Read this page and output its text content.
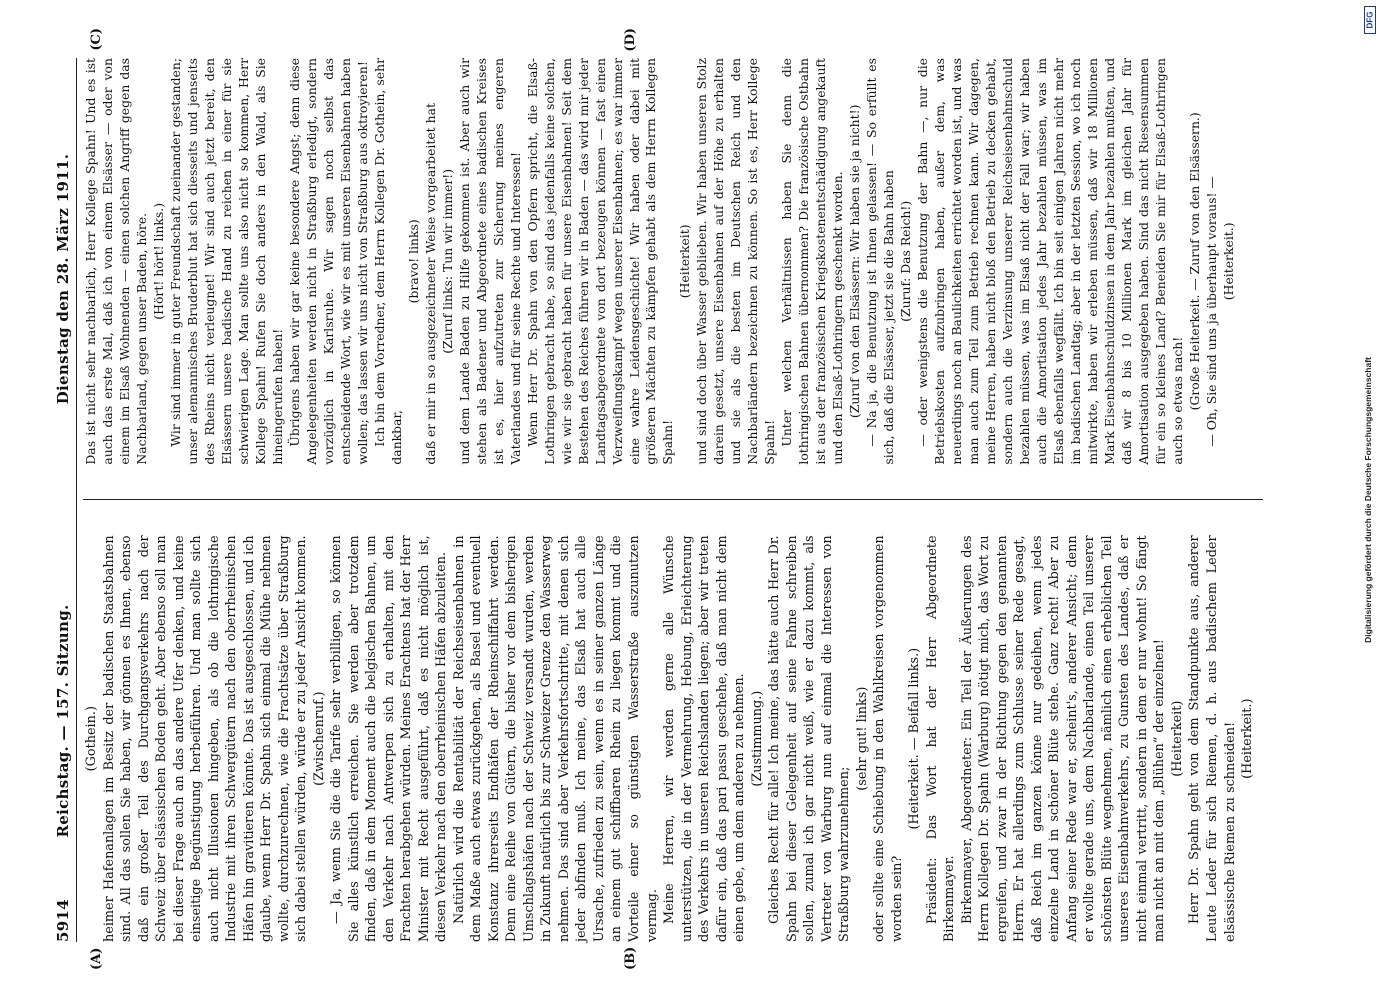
5914
Reichstag. — 157. Sitzung.
Dienstag den 28. März 1911.
(A)	(B)
(C)	(D)

(Gothein.) heimer Hafenanlagen im Besitz der badischen Staatsbahnen sind. All das sollen Sie haben, wir gönnen es Ihnen, ebenso daß ein großer Teil des Durchgangsverkehrs nach der Schweiz über elsässischen Boden geht. Aber ebenso soll man bei dieser Frage auch an das andere Ufer denken, und keine einseitige Begünstigung herbeiführen. Und man sollte sich auch nicht Illusionen hingeben, als ob die lothringische Industrie mit ihren Schwergütern nach den oberrheinischen Häfen hin gravitieren könnte. Das ist ausgeschlossen, und ich glaube, wenn Herr Dr. Spahn sich einmal die Mühe nehmen wollte, durchzurechnen, wie die Frachtsätze über Straßburg sich dabei stellen würden, würde er zu jeder Ansicht kommen. (Zwischenruf.) — Ja, wenn Sie die die Tarife sehr verbilligen, so können Sie alles künstlich erreichen. Sie werden aber trotzdem finden, daß in dem Moment auch die belgischen Bahnen, um den Verkehr nach Antwerpen sich zu erhalten, mit den Frachten herabgehen würden. Meines Erachtens hat der Herr Minister mit Recht ausgeführt, daß es nicht möglich ist, diesen Verkehr nach den oberrheinischen Häfen abzuleiten. Natürlich wird die Rentabilität der Reichseisenbahnen in dem Maße auch etwas zurückgehen, als Basel und eventuell Konstanz ihrerseits Endhäfen der Rheinschiffahrt werden. Denn eine Reihe von Gütern, die bisher vor dem bisherigen Umschlagshäfen nach der Schweiz versandt wurden, werden in Zukunft natürlich bis zur Schweizer Grenze den Wasserweg nehmen. Das sind aber Verkehrsfortschritte, mit denen sich jeder abfinden muß. Ich meine, das Elsaß hat auch alle Ursache, zufrieden zu sein, wenn es in seiner ganzen Länge an einem gut schiffbaren Rhein zu liegen kommt und die Vorteile einer so günstigen Wasserstraße auszunutzen vermag. Meine Herren, wir werden gerne alle Wünsche unterstützen, die in der Vermehrung, Hebung, Erleichterung des Verkehrs in unseren Reichslanden liegen; aber wir treten dafür ein, daß das pari passu geschehe, daß man nicht dem einen gebe, um dem anderen zu nehmen. (Zustimmung.) Gleiches Recht für alle! Ich meine, das hätte auch Herr Dr. Spahn bei dieser Gelegenheit auf seine Fahne schreiben sollen, zumal ich gar nicht weiß, wie er dazu kommt, als Vertreter von Warburg nun auf einmal die Interessen von Straßburg wahrzunehmen;

(sehr gut! links) oder sollte eine Schiebung in den Wahlkreisen vorgenommen worden sein?

(Heiterkeit. — Beifall links.) Präsident: Das Wort hat der Herr Abgeordnete Birkenmayer. Birkenmayer, Abgeordneter: Ein Teil der Äußerungen des Herrn Kollegen Dr. Spahn (Warburg) nötigt mich, das Wort zu ergreifen, und zwar in der Richtung gegen den genannten Herrn. Er hat allerdings zum Schlusse seiner Rede gesagt, daß Reich im ganzen könne nur gedeihen, wenn jedes einzelne Land in schöner Blüte stehe. Ganz recht! Aber zu Anfang seiner Rede war er, scheint's, anderer Ansicht; denn er wollte gerade uns, dem Nachbarlande, einen Teil unserer schönsten Blüte wegnehmen, nämlich einen erheblichen Teil unseres Eisenbahnverkehrs, zu Gunsten des Landes, daß er nicht einmal vertritt, sondern in dem er nur wohnt! So fängt man nicht an mit dem „Blühen“ der einzelnen! (Heiterkeit) Herr Dr. Spahn geht von dem Standpunkte aus, anderer Leute Leder für sich Riemen, d. h. aus badischem Leder elsässische Riemen zu schneiden! (Heiterkeit.)

Das ist nicht sehr nachbarlich, Herr Kollege Spahn! Und es ist auch das erste Mal, daß ich von einem Elsässer — oder von einem im Elsaß Wohnenden — einen solchen Angriff gegen das Nachbarland, gegen unser Baden, höre. (Hört! hört! links.) Wir sind immer in guter Freundschaft zueinander gestanden; unser alemannisches Bruderblut hat sich diesseits und jenseits des Rheins nicht verleugnet! Wir sind auch jetzt bereit, den Elsässern unsere badische Hand zu reichen in einer für sie schwierigen Lage. Man sollte uns also nicht so kommen, Herr Kollege Spahn! Rufen Sie doch anders in den Wald, als Sie hineingerufen haben! Übrigens haben wir gar keine besondere Angst; denn diese Angelegenheiten werden nicht in Straßburg erledigt, sondern vorzüglich in Karlsruhe. Wir sagen noch selbst das entscheidende Wort, wie wir es mit unseren Eisenbahnen haben wollen; das lassen wir uns nicht von Straßburg aus oktroyieren! Ich bin dem Vorredner, dem Herrn Kollegen Dr. Gothein, sehr dankbar,

(bravo! links) daß er mir in so ausgezeichneter Weise vorgearbeitet hat (Zuruf links: Tun wir immer!) und dem Lande Baden zu Hilfe gekommen ist. Aber auch wir stehen als Badener und Abgeordnete eines badischen Kreises ist es, hier aufzutreten zur Sicherung meines engeren Vaterlandes und für seine Rechte und Interessen! Wenn Herr Dr. Spahn von den Opfern spricht, die Elsaß-Lothringen gebracht habe, so sind das jedenfalls keine solchen, wie wir sie gebracht haben für unsere Eisenbahnen! Seit dem Bestehen des Reiches führen wir in Baden — das wird mir jeder Landtagsabgeordnete von dort bezeugen können — fast einen Verzweiflungskampf wegen unserer Eisenbahnen; es war immer eine wahre Leidensgeschichte! Wir haben oder dabei mit größeren Mächten zu kämpfen gehabt als dem Herrn Kollegen Spahn!

(Heiterkeit) und sind doch über Wasser geblieben. Wir haben unseren Stolz darein gesetzt, unsere Eisenbahnen auf der Höhe zu erhalten und sie als die besten im Deutschen Reich und den Nachbarländern bezeichnen zu können. So ist es, Herr Kollege Spahn! Unter welchen Verhältnissen haben Sie denn die lothringischen Bahnen übernommen? Die französische Ostbahn ist aus der französischen Kriegskostenentschädigung angekauft und den Elsaß-Lothringern geschenkt worden. (Zuruf von den Elsässern: Wir haben sie ja nicht!) — Na ja, die Benutzung ist Ihnen gelassen! — So erfüllt es sich, daß die Elsässer, jetzt sie die Bahn haben (Zuruf: Das Reich!) — oder wenigstens die Benutzung der Bahn —, nur die Betriebskosten aufzubringen haben, außer dem, was neuerdings noch an Baulichkeiten errichtet worden ist, und was man auch zum Teil zum Betrieb rechnen kann. Wir dagegen, meine Herren, haben nicht bloß den Betrieb zu decken gehabt, sondern auch die Verzinsung unserer Reichseisenbahnschuld bezahlen müssen, was im Elsaß nicht der Fall war; wir haben auch die Amortisation jedes Jahr bezahlen müssen, was im Elsaß ebenfalls wegfällt. Ich bin seit einigen Jahren nicht mehr im badischen Landtag; aber in der letzten Session, wo ich noch mitwirkte, haben wir erleben müssen, daß wir 18 Millionen Mark Eisenbahnschuldzinsen in dem Jahr bezahlen mußten, und daß wir 8 bis 10 Millionen Mark im gleichen Jahr für Amortisation ausgegeben haben. Sind das nicht Riesensummen für ein so kleines Land? Beneiden Sie mir für Elsaß-Lothringen auch so etwas nach! (Große Heiterkeit. — Zuruf von den Elsässern.) — Oh, Sie sind uns ja überhaupt voraus! — (Heiterkeit.)

DFG
Digitalisierung gefördert durch die Deutsche Forschungsgemeinschaft
